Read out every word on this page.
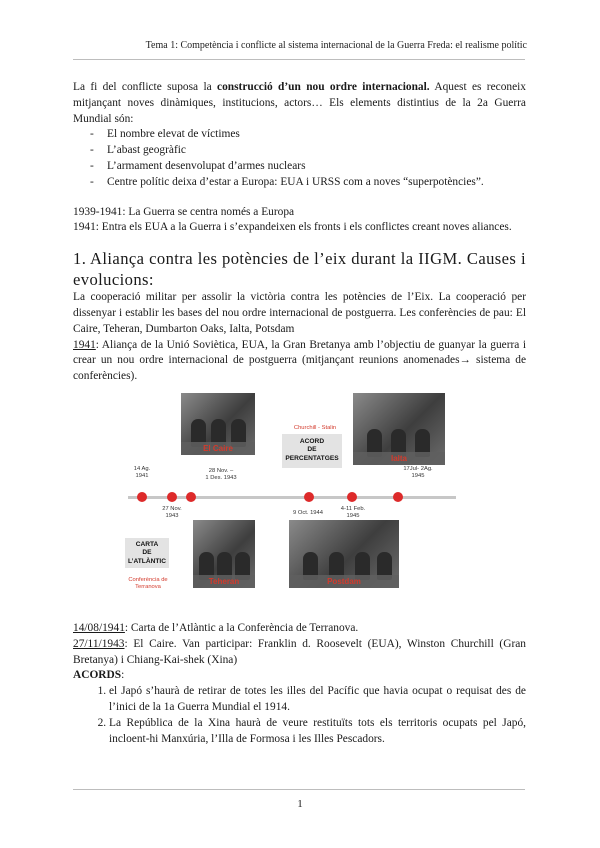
Tema 1: Competència i conflicte al sistema internacional de la Guerra Freda: el realisme polític

La fi del conflicte suposa la construcció d’un nou ordre internacional. Aquest es reconeix mitjançant noves dinàmiques, institucions, actors… Els elements distintius de la 2a Guerra Mundial són:

- El nombre elevat de víctimes
- L’abast geogràfic
- L’armament desenvolupat d’armes nuclears
- Centre polític deixa d’estar a Europa: EUA i URSS com a noves “superpotències”.

1939-1941: La Guerra se centra només a Europa

1941: Entra els EUA a la Guerra i s’expandeixen els fronts i els conflictes creant noves aliances.

1. Aliança contra les potències de l’eix durant la IIGM. Causes i evolucions:

La cooperació militar per assolir la victòria contra les potències de l’Eix. La cooperació per dissenyar i establir les bases del nou ordre internacional de postguerra. Les conferències de pau: El Caire, Teheran, Dumbarton Oaks, Ialta, Potsdam

1941: Aliança de la Unió Soviètica, EUA, la Gran Bretanya amb l’objectiu de guanyar la guerra i crear un nou ordre internacional de postguerra (mitjançant reunions anomenades→ sistema de conferències).

El Caire
Ialta
Teheran	Postdam
Churchill - Stalin
ACORD
DE
PERCENTATGES
14 Ag.
1941
28 Nov. –
1 Des. 1943
17Jul- 2Ag.
1945
27 Nov.
1943
9 Oct. 1944
4-11 Feb.
1945
CARTA
DE
L’ATLÀNTIC
Conferència de
Terranova

14/08/1941: Carta de l’Atlàntic a la Conferència de Terranova.

27/11/1943: El Caire. Van participar: Franklin d. Roosevelt (EUA), Winston Churchill (Gran Bretanya) i Chiang-Kai-shek (Xina)

ACORDS:

1. el Japó s’haurà de retirar de totes les illes del Pacífic que havia ocupat o requisat des de l’inici de la 1a Guerra Mundial el 1914.
2. La República de la Xina haurà de veure restituïts tots els territoris ocupats pel Japó, incloent-hi Manxúria, l’Illa de Formosa i les Illes Pescadors.
1
